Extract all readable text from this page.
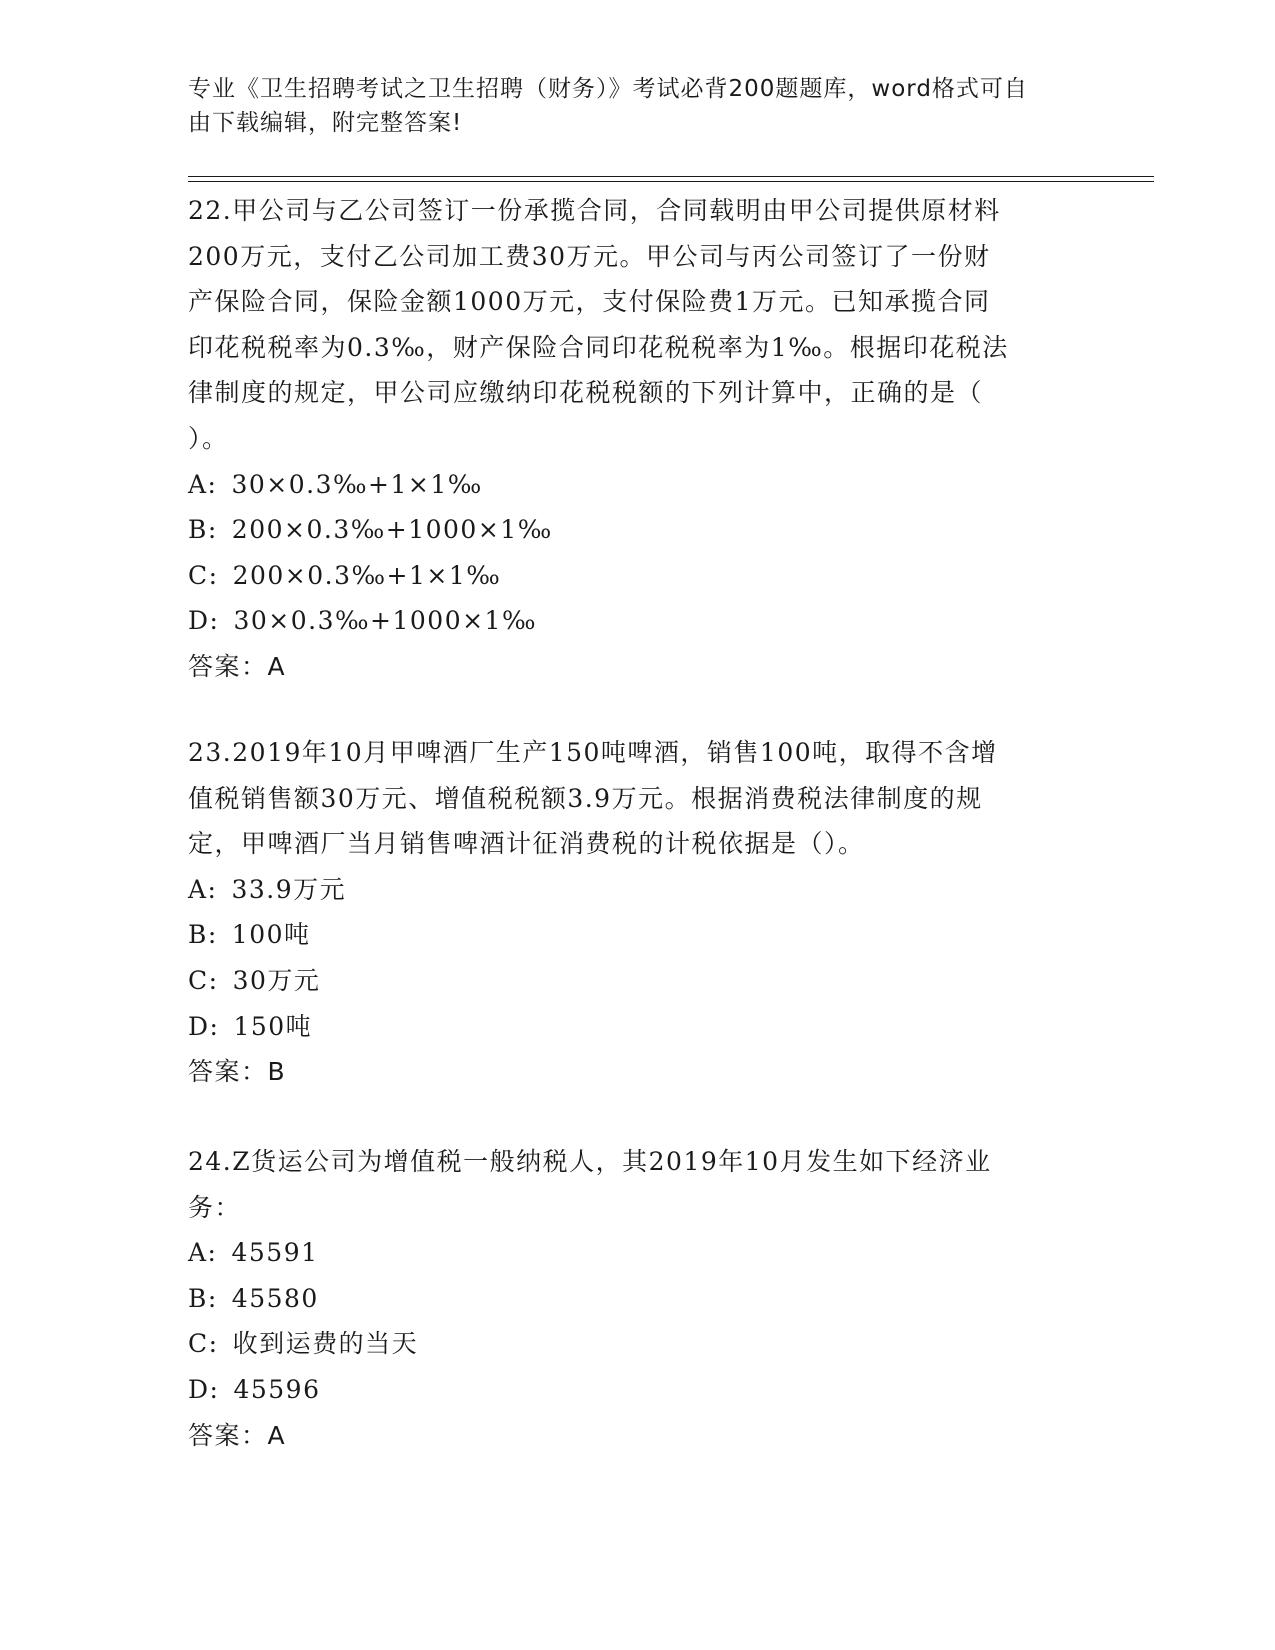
专业《卫生招聘考试之卫生招聘（财务）》考试必背200题题库，word格式可自
由下载编辑，附完整答案!

22.甲公司与乙公司签订一份承揽合同，合同载明由甲公司提供原材料

200万元，支付乙公司加工费30万元。甲公司与丙公司签订了一份财

产保险合同，保险金额1000万元，支付保险费1万元。已知承揽合同

印花税税率为0.3‰，财产保险合同印花税税率为1‰。根据印花税法

律制度的规定，甲公司应缴纳印花税税额的下列计算中，正确的是（

）。

A: 30×0.3‰+1×1‰

B: 200×0.3‰+1000×1‰

C: 200×0.3‰+1×1‰

D: 30×0.3‰+1000×1‰

答案：A

23.2019年10月甲啤酒厂生产150吨啤酒，销售100吨，取得不含增

值税销售额30万元、增值税税额3.9万元。根据消费税法律制度的规

定，甲啤酒厂当月销售啤酒计征消费税的计税依据是（）。

A: 33.9万元

B: 100吨

C: 30万元

D: 150吨

答案：B

24.Z货运公司为增值税一般纳税人，其2019年10月发生如下经济业

务：

A: 45591

B: 45580

C: 收到运费的当天

D: 45596

答案：A
